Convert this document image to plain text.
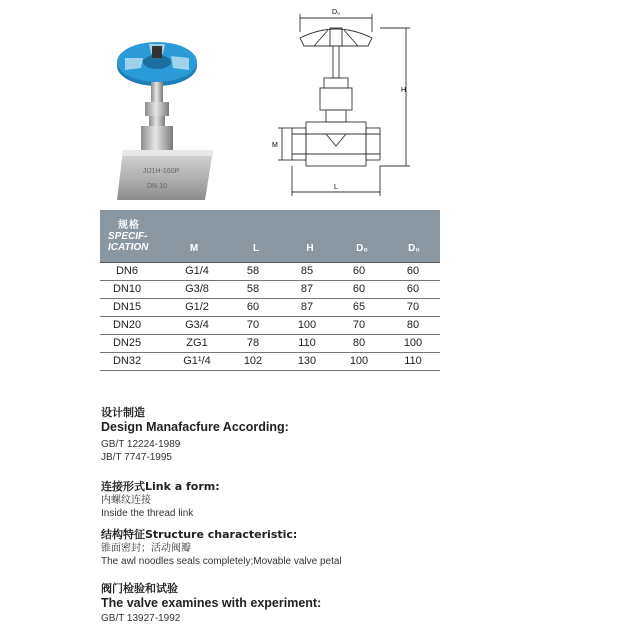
JIJ1H-160P
DN 10
D₀
H
M
L
规格
SPECIF-
ICATION	M	L	H	D₀	D₀
DN6	G1/4	58	85	60	60
DN10	G3/8	58	87	60	60
DN15	G1/2	60	87	65	70
DN20	G3/4	70	100	70	80
DN25	ZG1	78	110	80	100
DN32	G1¹/4	102	130	100	110
设计制造
Design Manafacfure According:
GB/T 12224-1989
JB/T 7747-1995
连接形式Link a form:
内螺纹连接
Inside the thread link
结构特征Structure characteristic:
锥面密封；活动阀瓣
The awl noodles seals completely;Movable valve petal
阀门检验和试验
The valve examines with experiment:
GB/T 13927-1992
